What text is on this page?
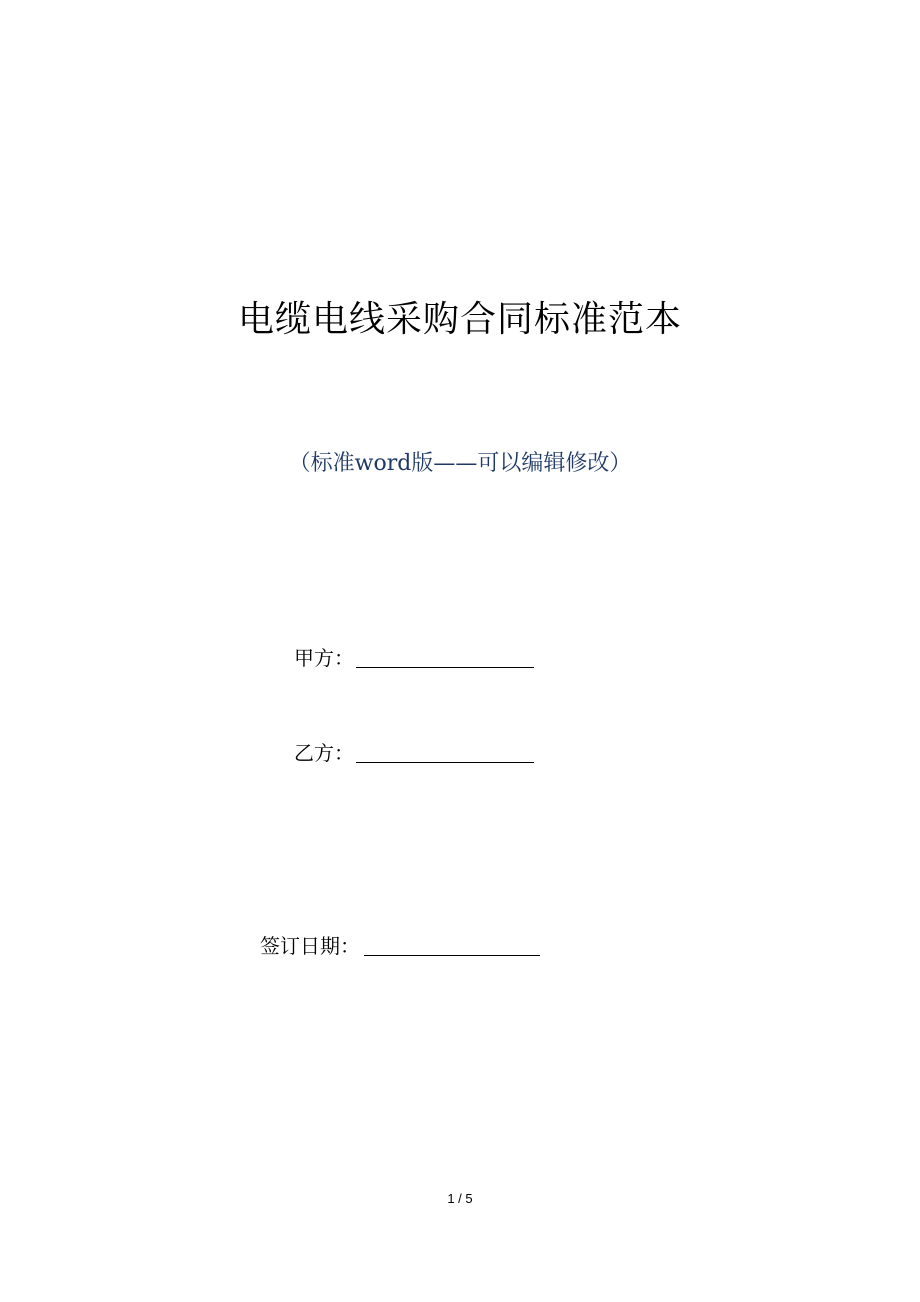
电缆电线采购合同标准范本
（标准word版——可以编辑修改）
甲方：
乙方：
签订日期：
1 / 5
